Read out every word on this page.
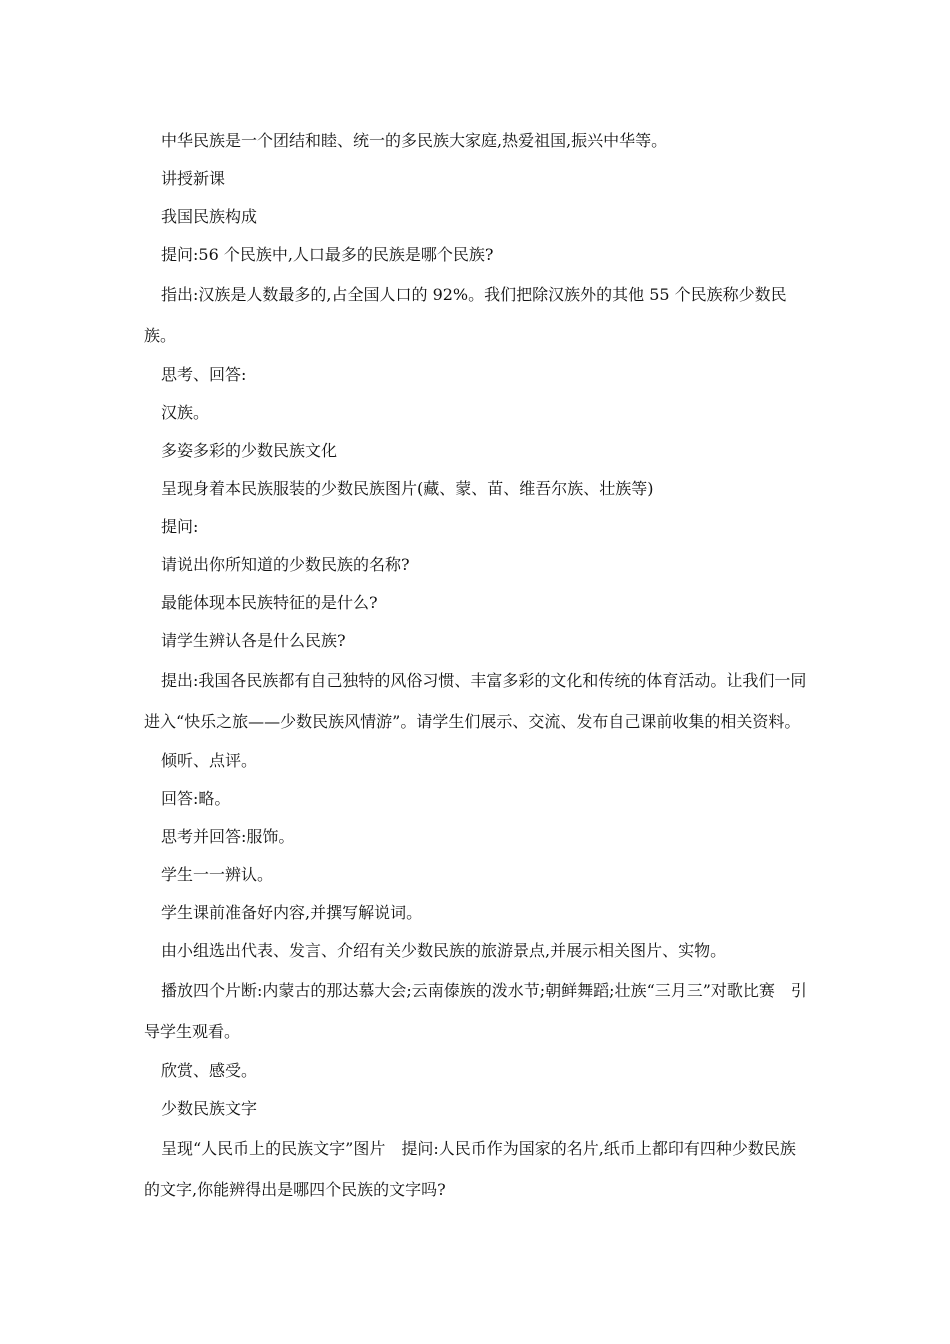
中华民族是一个团结和睦、统一的多民族大家庭,热爱祖国,振兴中华等。

讲授新课

我国民族构成

提问:56 个民族中,人口最多的民族是哪个民族?

指出:汉族是人数最多的,占全国人口的 92%。我们把除汉族外的其他 55 个民族称少数民族。

思考、回答:

汉族。

多姿多彩的少数民族文化

呈现身着本民族服装的少数民族图片(藏、蒙、苗、维吾尔族、壮族等)

提问:

请说出你所知道的少数民族的名称?

最能体现本民族特征的是什么?

请学生辨认各是什么民族?

提出:我国各民族都有自己独特的风俗习惯、丰富多彩的文化和传统的体育活动。让我们一同进入“快乐之旅——少数民族风情游”。请学生们展示、交流、发布自己课前收集的相关资料。

倾听、点评。

回答:略。

思考并回答:服饰。

学生一一辨认。

学生课前准备好内容,并撰写解说词。

由小组选出代表、发言、介绍有关少数民族的旅游景点,并展示相关图片、实物。

播放四个片断:内蒙古的那达慕大会;云南傣族的泼水节;朝鲜舞蹈;壮族“三月三”对歌比赛　引导学生观看。

欣赏、感受。

少数民族文字

呈现“人民币上的民族文字”图片　提问:人民币作为国家的名片,纸币上都印有四种少数民族的文字,你能辨得出是哪四个民族的文字吗?
